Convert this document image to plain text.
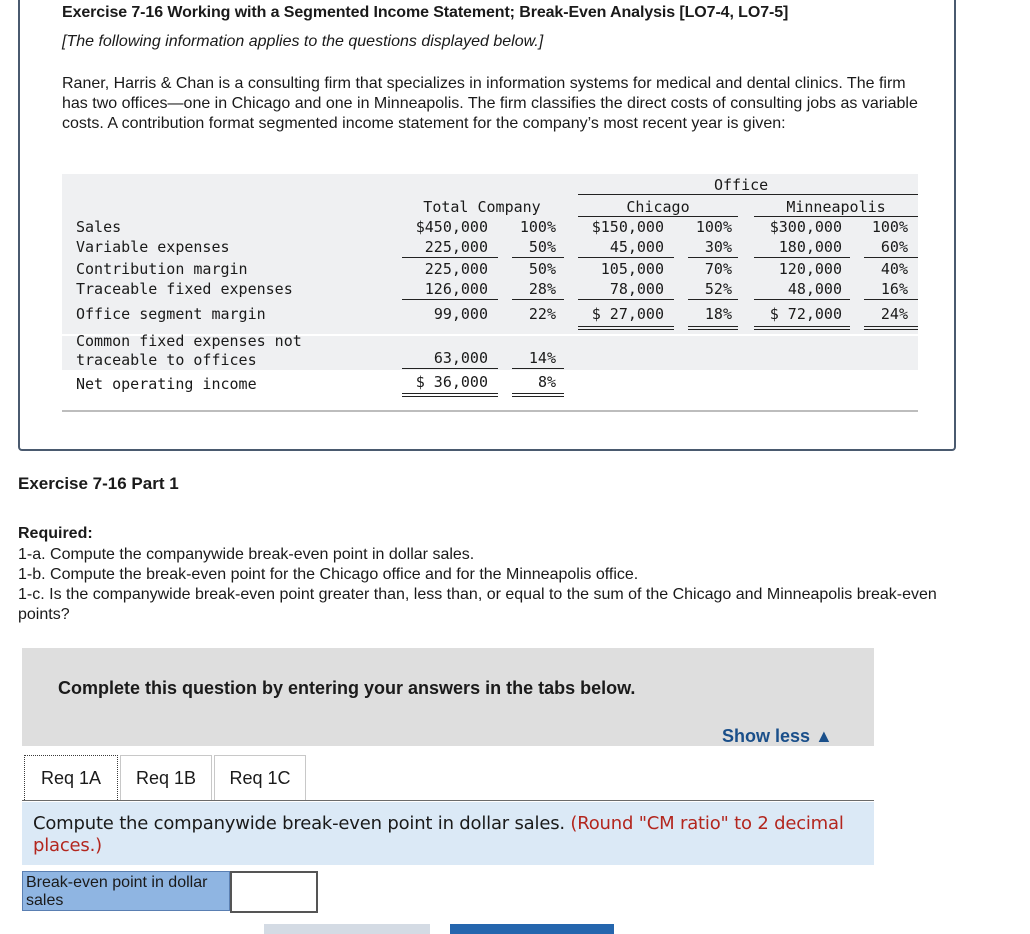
Exercise 7-16 Working with a Segmented Income Statement; Break-Even Analysis [LO7-4, LO7-5]
[The following information applies to the questions displayed below.]
Raner, Harris & Chan is a consulting firm that specializes in information systems for medical and dental clinics. The firm has two offices—one in Chicago and one in Minneapolis. The firm classifies the direct costs of consulting jobs as variable costs. A contribution format segmented income statement for the company’s most recent year is given:
Office
Total Company	Chicago	Minneapolis
Sales	$450,000	100%	$150,000	100%	$300,000	100%
Variable expenses	225,000	50%	45,000	30%	180,000	60%
Contribution margin	225,000	50%	105,000	70%	120,000	40%
Traceable fixed expenses	126,000	28%	78,000	52%	48,000	16%
Office segment margin	99,000	22%	$ 27,000	18%	$ 72,000	24%
Common fixed expenses not
traceable to offices	63,000	14%
Net operating income	$ 36,000	8%
Exercise 7-16 Part 1
Required:
1-a. Compute the companywide break-even point in dollar sales.
1-b. Compute the break-even point for the Chicago office and for the Minneapolis office.
1-c. Is the companywide break-even point greater than, less than, or equal to the sum of the Chicago and Minneapolis break-even points?
Complete this question by entering your answers in the tabs below.
Show less ▲
Req 1A	Req 1B	Req 1C
Compute the companywide break-even point in dollar sales. (Round "CM ratio" to 2 decimal places.)
Break-even point in dollar sales
